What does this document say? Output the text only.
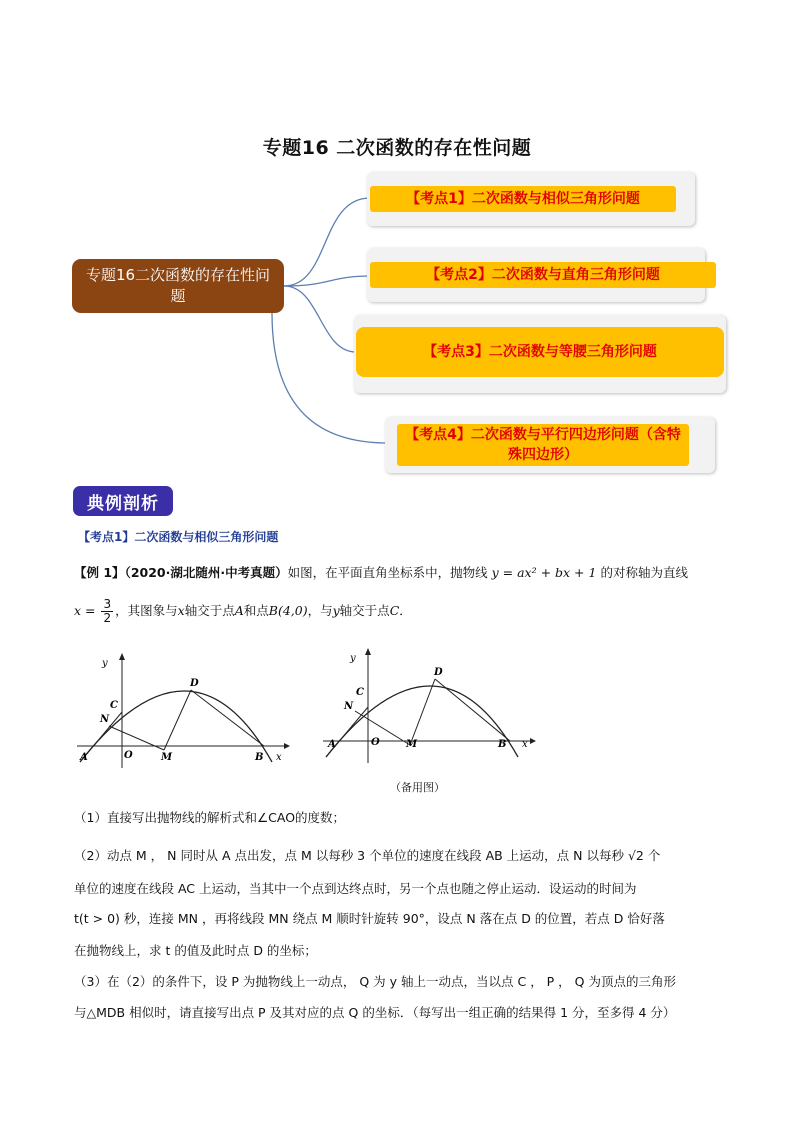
专题16 二次函数的存在性问题
专题16二次函数的存在性问题
【考点1】二次函数与相似三角形问题
【考点2】二次函数与直角三角形问题
【考点3】二次函数与等腰三角形问题
【考点4】二次函数与平行四边形问题（含特殊四边形）
典例剖析
【考点1】二次函数与相似三角形问题
【例 1】（2020·湖北随州·中考真题）如图，在平面直角坐标系中，抛物线 y = ax² + bx + 1 的对称轴为直线
$x = \frac{3}{2}$ ，其图象与x轴交于点A和点B(4,0)，与y轴交于点C．
y
x
O
A	B
C
D
M
N
y
x
O
A	B
C
D
M
N
（备用图）
（1）直接写出抛物线的解析式和∠CAO的度数；
（2）动点 M ， N 同时从 A 点出发，点 M 以每秒 3 个单位的速度在线段 AB 上运动，点 N 以每秒 √2 个
单位的速度在线段 AC 上运动，当其中一个点到达终点时，另一个点也随之停止运动．设运动的时间为
t(t > 0) 秒，连接 MN ，再将线段 MN 绕点 M 顺时针旋转 90°，设点 N 落在点 D 的位置，若点 D 恰好落
在抛物线上，求 t 的值及此时点 D 的坐标；
（3）在（2）的条件下，设 P 为抛物线上一动点， Q 为 y 轴上一动点，当以点 C ， P ， Q 为顶点的三角形
与△MDB 相似时，请直接写出点 P 及其对应的点 Q 的坐标．（每写出一组正确的结果得 1 分，至多得 4 分）
